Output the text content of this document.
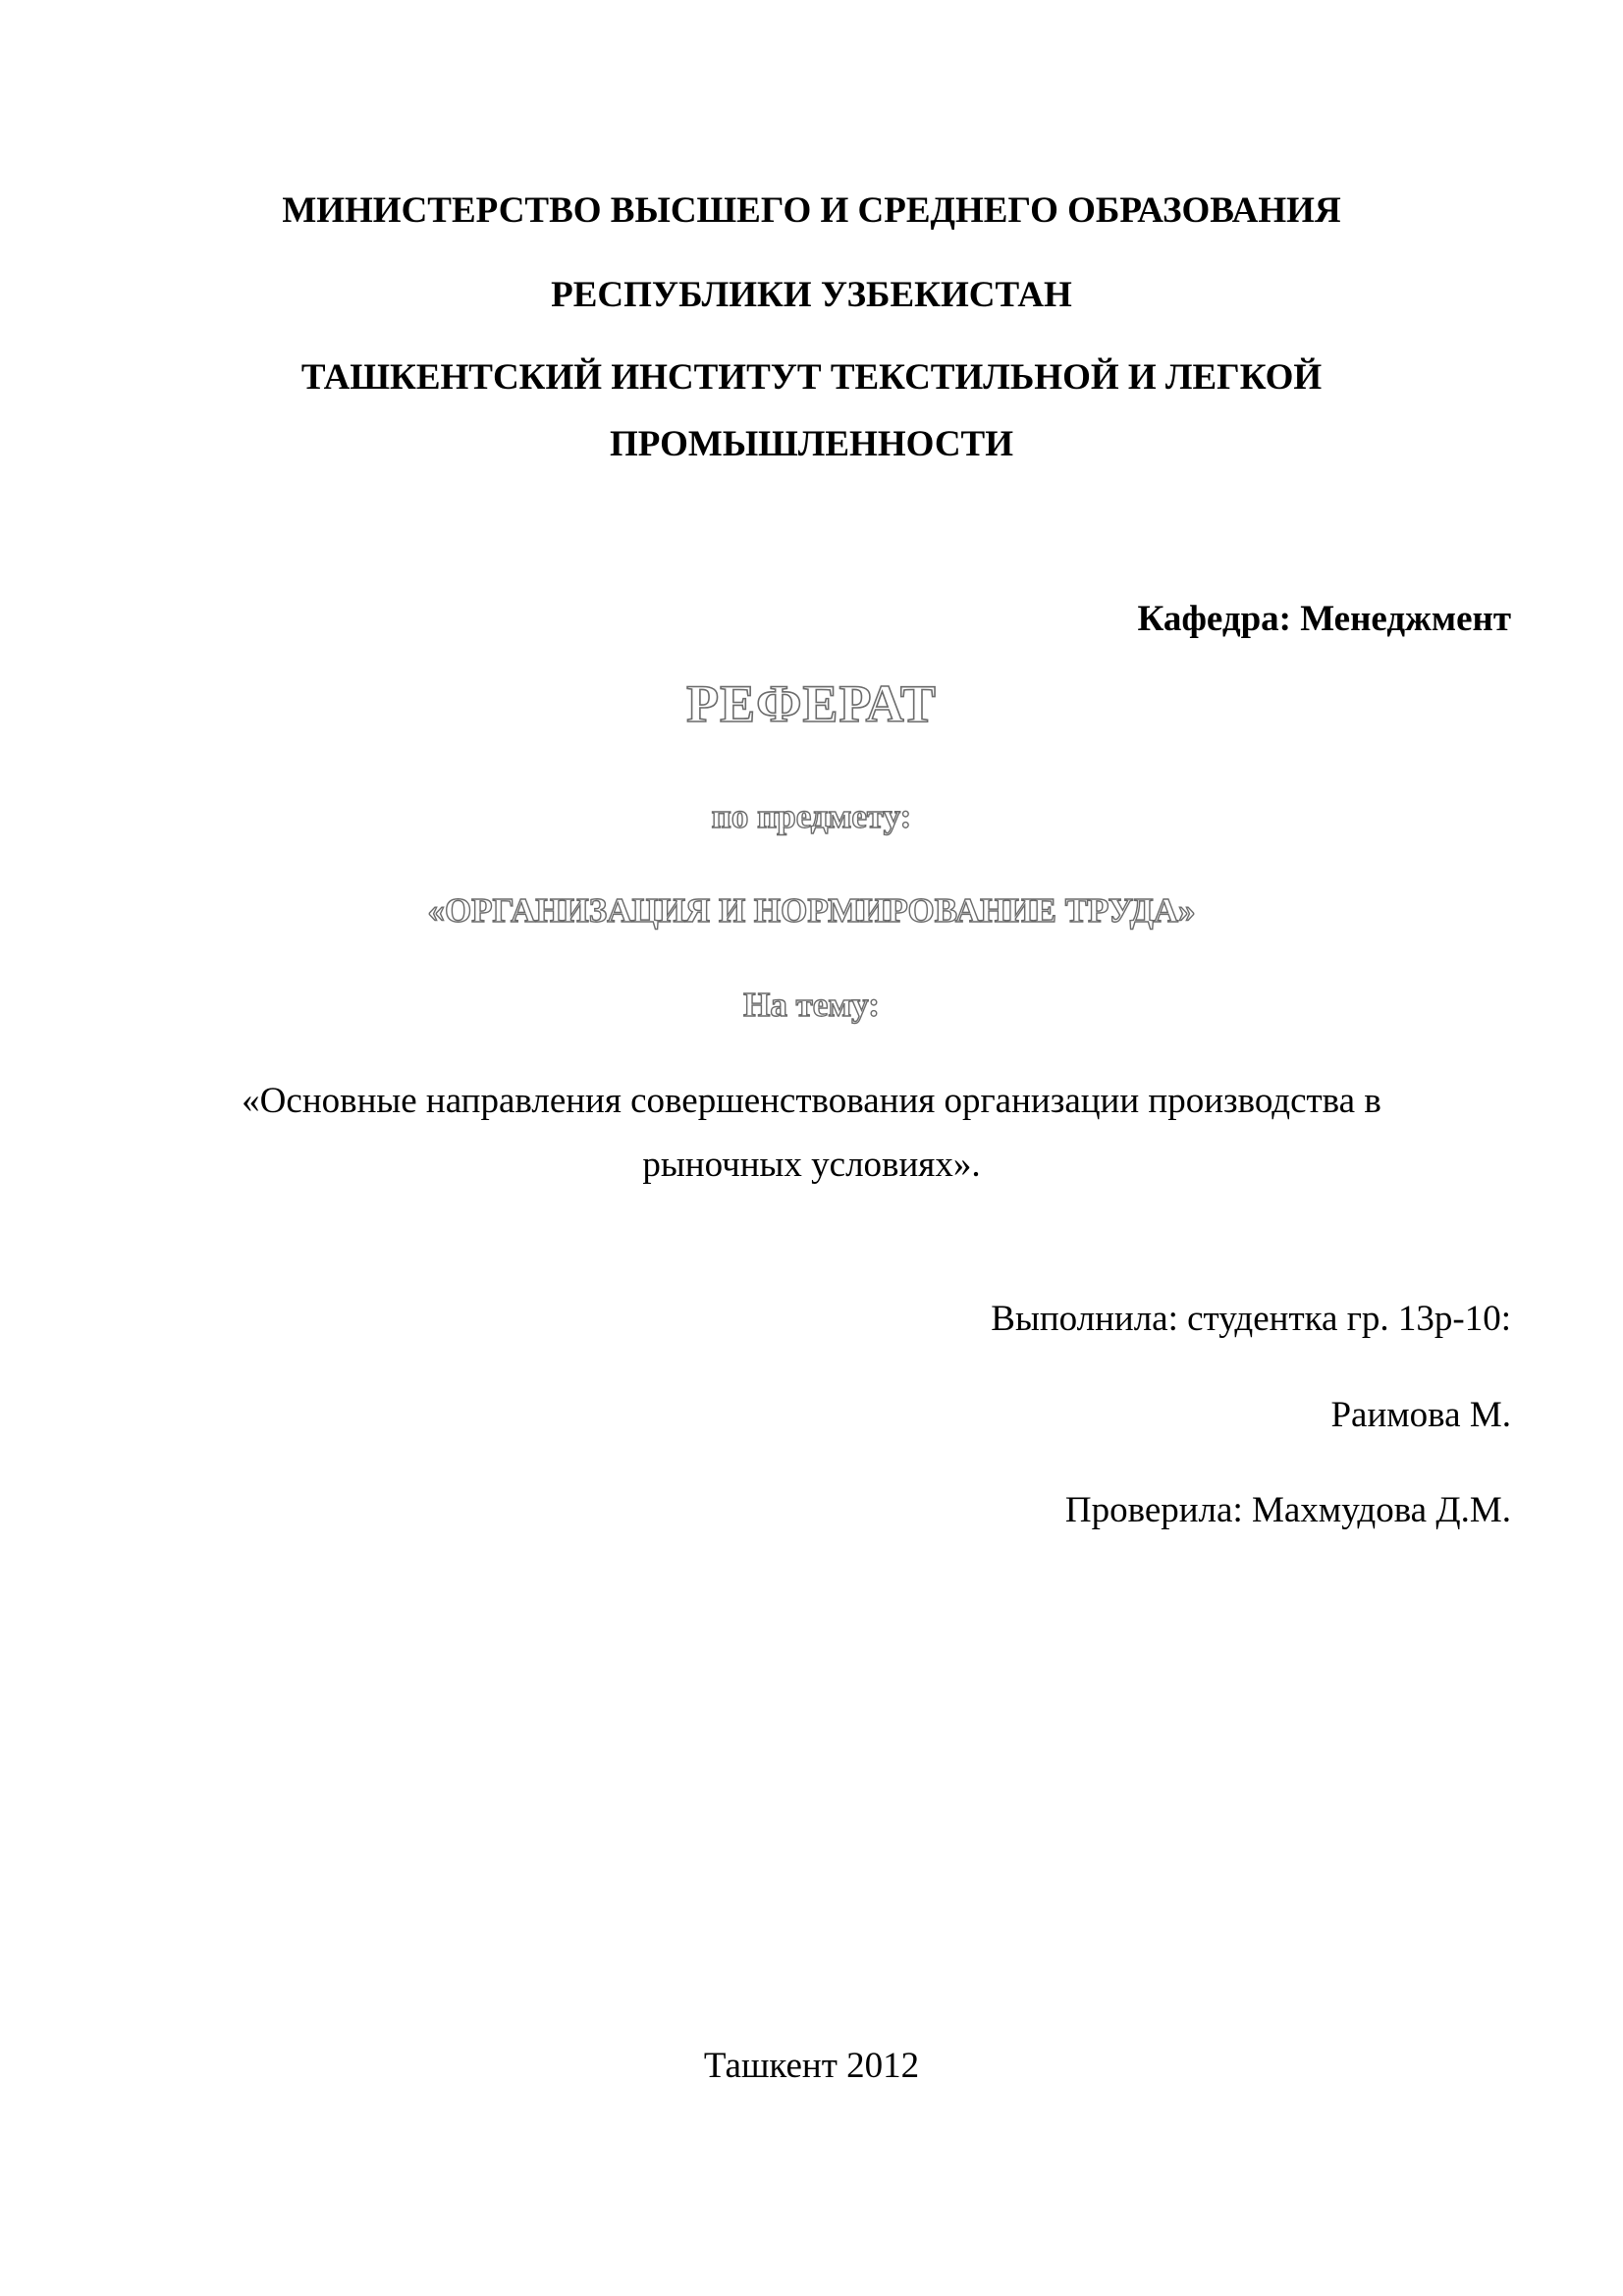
МИНИСТЕРСТВО ВЫСШЕГО И СРЕДНЕГО ОБРАЗОВАНИЯ
РЕСПУБЛИКИ УЗБЕКИСТАН
ТАШКЕНТСКИЙ ИНСТИТУТ ТЕКСТИЛЬНОЙ И ЛЕГКОЙ
ПРОМЫШЛЕННОСТИ
Кафедра: Менеджмент
РЕФЕРАТ
по предмету:
«ОРГАНИЗАЦИЯ И НОРМИРОВАНИЕ ТРУДА»
На тему:
«Основные направления совершенствования организации производства в
рыночных условиях».
Выполнила: студентка гр. 13р-10:
Раимова М.
Проверила: Махмудова Д.М.
Ташкент 2012
